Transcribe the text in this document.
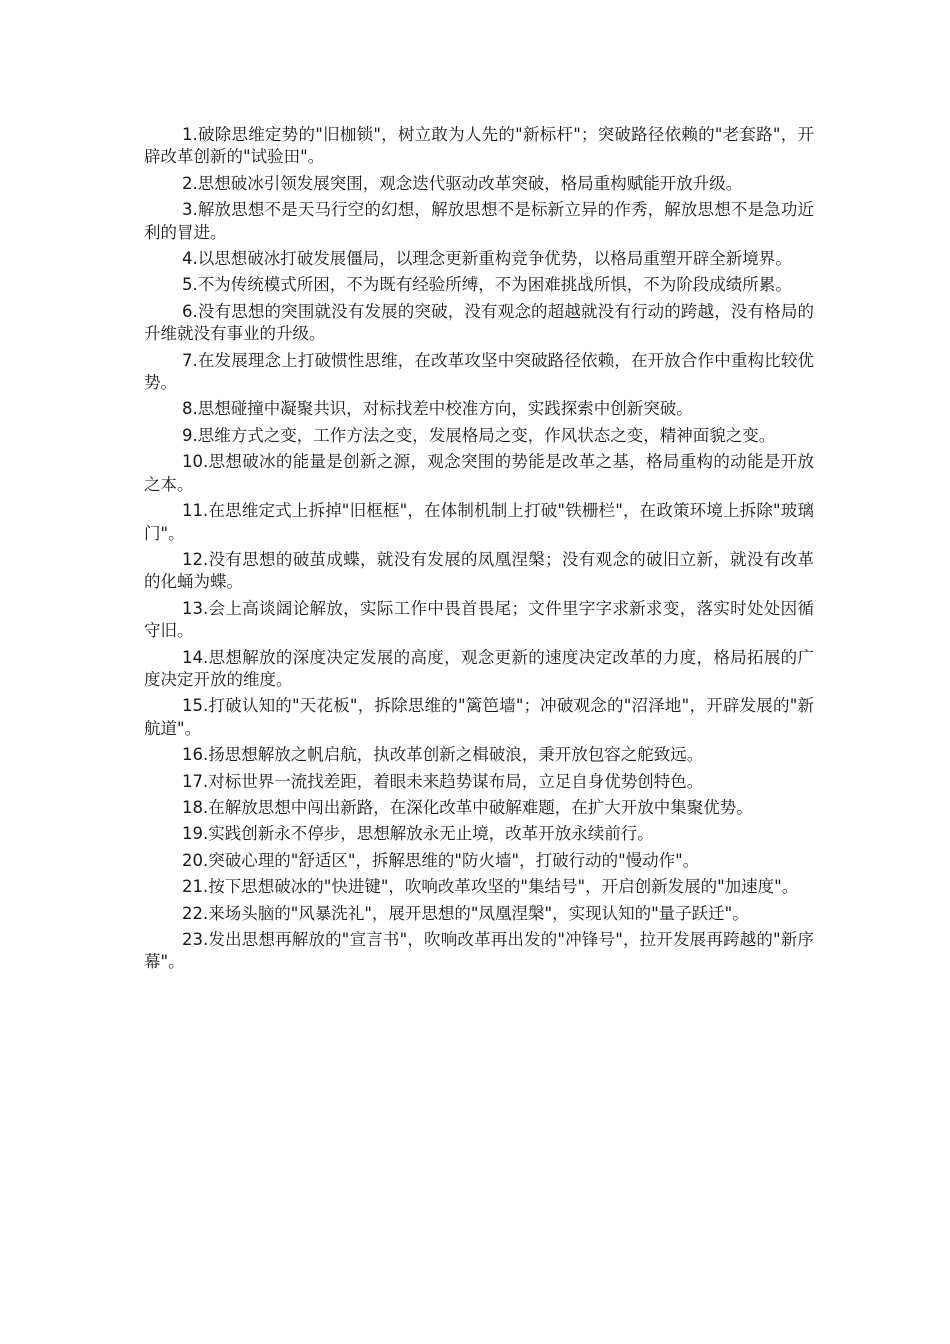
1.破除思维定势的"旧枷锁"，树立敢为人先的"新标杆"；突破路径依赖的"老套路"，开辟改革创新的"试验田"。

2.思想破冰引领发展突围，观念迭代驱动改革突破，格局重构赋能开放升级。

3.解放思想不是天马行空的幻想，解放思想不是标新立异的作秀，解放思想不是急功近利的冒进。

4.以思想破冰打破发展僵局，以理念更新重构竞争优势，以格局重塑开辟全新境界。

5.不为传统模式所困，不为既有经验所缚，不为困难挑战所惧，不为阶段成绩所累。

6.没有思想的突围就没有发展的突破，没有观念的超越就没有行动的跨越，没有格局的升维就没有事业的升级。

7.在发展理念上打破惯性思维，在改革攻坚中突破路径依赖，在开放合作中重构比较优势。

8.思想碰撞中凝聚共识，对标找差中校准方向，实践探索中创新突破。

9.思维方式之变，工作方法之变，发展格局之变，作风状态之变，精神面貌之变。

10.思想破冰的能量是创新之源，观念突围的势能是改革之基，格局重构的动能是开放之本。

11.在思维定式上拆掉"旧框框"，在体制机制上打破"铁栅栏"，在政策环境上拆除"玻璃门"。

12.没有思想的破茧成蝶，就没有发展的凤凰涅槃；没有观念的破旧立新，就没有改革的化蛹为蝶。

13.会上高谈阔论解放，实际工作中畏首畏尾；文件里字字求新求变，落实时处处因循守旧。

14.思想解放的深度决定发展的高度，观念更新的速度决定改革的力度，格局拓展的广度决定开放的维度。

15.打破认知的"天花板"，拆除思维的"篱笆墙"；冲破观念的"沼泽地"，开辟发展的"新航道"。

16.扬思想解放之帆启航，执改革创新之楫破浪，秉开放包容之舵致远。

17.对标世界一流找差距，着眼未来趋势谋布局，立足自身优势创特色。

18.在解放思想中闯出新路，在深化改革中破解难题，在扩大开放中集聚优势。

19.实践创新永不停步，思想解放永无止境，改革开放永续前行。

20.突破心理的"舒适区"，拆解思维的"防火墙"，打破行动的"慢动作"。

21.按下思想破冰的"快进键"，吹响改革攻坚的"集结号"，开启创新发展的"加速度"。

22.来场头脑的"风暴洗礼"，展开思想的"凤凰涅槃"，实现认知的"量子跃迁"。

23.发出思想再解放的"宣言书"，吹响改革再出发的"冲锋号"，拉开发展再跨越的"新序幕"。
